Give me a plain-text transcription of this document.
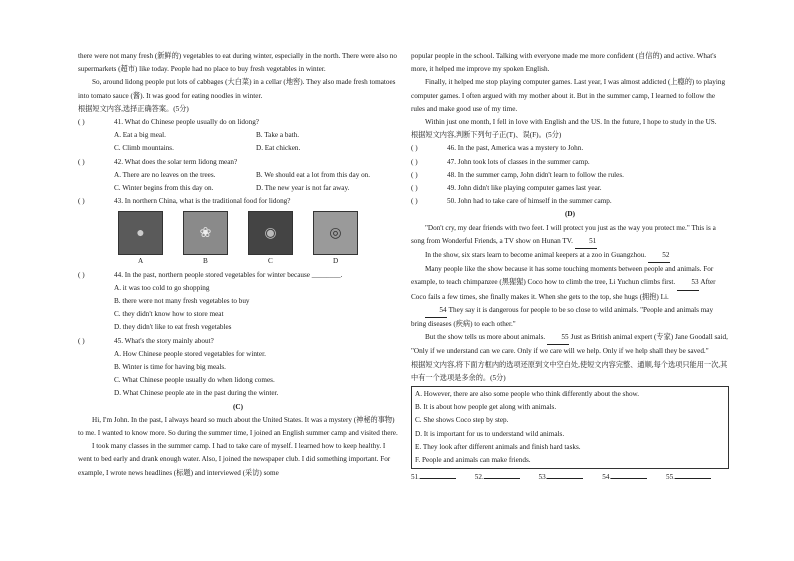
there were not many fresh (新鲜的) vegetables to eat during winter, especially in the north. There were also no supermarkets (超市) like today. People had no place to buy fresh vegetables in winter.

So, around lidong people put lots of cabbages (大白菜) in a cellar (地窖). They also made fresh tomatoes into tomato sauce (酱). It was good for eating noodles in winter.

根据短文内容,选择正确答案。(5分)

( )	41. What do Chinese people usually do on lidong?
A. Eat a big meal.	B. Take a bath.
C. Climb mountains.	D. Eat chicken.
( )	42. What does the solar term lidong mean?
A. There are no leaves on the trees.	B. We should eat a lot from this day on.
C. Winter begins from this day on.	D. The new year is not far away.
( )	43. In northern China, what is the traditional food for lidong?
●	❀	◉	◎
A	B	C	D
( )	44. In the past, northern people stored vegetables for winter because ________.

A. it was too cold to go shopping

B. there were not many fresh vegetables to buy

C. they didn't know how to store meat

D. they didn't like to eat fresh vegetables

( )	45. What's the story mainly about?

A. How Chinese people stored vegetables for winter.

B. Winter is time for having big meals.

C. What Chinese people usually do when lidong comes.

D. What Chinese people ate in the past during the winter.

(C)

Hi, I'm John. In the past, I always heard so much about the United States. It was a mystery (神秘的事物) to me. I wanted to know more. So during the summer time, I joined an English summer camp and visited there.

I took many classes in the summer camp. I had to take care of myself. I learned how to keep healthy. I went to bed early and drank enough water. Also, I joined the newspaper club. I did something important. For example, I wrote news headlines (标题) and interviewed (采访) some

popular people in the school. Talking with everyone made me more confident (自信的) and active. What's more, it helped me improve my spoken English.

Finally, it helped me stop playing computer games. Last year, I was almost addicted (上瘾的) to playing computer games. I often argued with my mother about it. But in the summer camp, I learned to follow the rules and make good use of my time.

Within just one month, I fell in love with English and the US. In the future, I hope to study in the US.

根据短文内容,判断下列句子正(T)、误(F)。(5分)

( )	46. In the past, America was a mystery to John.
( )	47. John took lots of classes in the summer camp.
( )	48. In the summer camp, John didn't learn to follow the rules.
( )	49. John didn't like playing computer games last year.
( )	50. John had to take care of himself in the summer camp.

(D)

"Don't cry, my dear friends with two feet. I will protect you just as the way you protect me." This is a song from Wonderful Friends, a TV show on Hunan TV. 51

In the show, six stars learn to become animal keepers at a zoo in Guangzhou. 52

Many people like the show because it has some touching moments between people and animals. For example, to teach chimpanzee (黑猩猩) Coco how to climb the tree, Li Yuchun climbs first. 53 After Coco fails a few times, she finally makes it. When she gets to the top, she hugs (拥抱) Li.

54 They say it is dangerous for people to be so close to wild animals. "People and animals may bring diseases (疾病) to each other."

But the show tells us more about animals. 55 Just as British animal expert (专家) Jane Goodall said, "Only if we understand can we care. Only if we care will we help. Only if we help shall they be saved."

根据短文内容,将下面方框内的选项还原到文中空白处,使短文内容完整、通顺,每个选项只能用一次,其中有一个选项是多余的。(5分)

A. However, there are also some people who think differently about the show.

B. It is about how people get along with animals.

C. She shows Coco step by step.

D. It is important for us to understand wild animals.

E. They look after different animals and finish hard tasks.

F. People and animals can make friends.

51.	52.	53.	54.	55.
